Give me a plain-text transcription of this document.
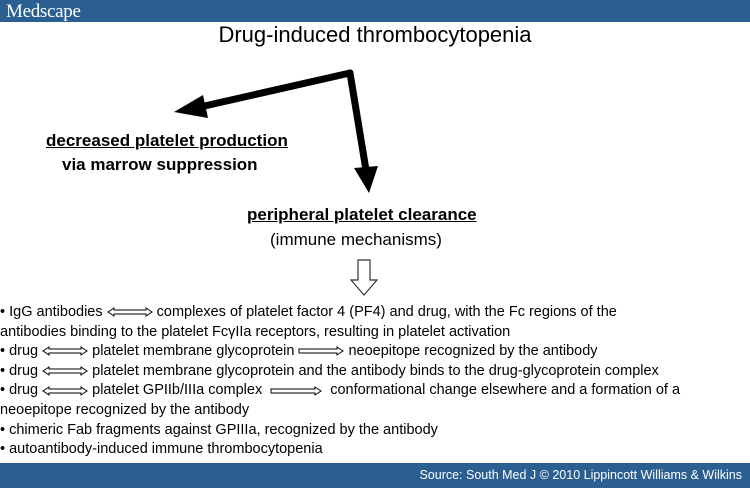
Medscape
Drug-induced thrombocytopenia
decreased platelet production
via marrow suppression
peripheral platelet clearance
(immune mechanisms)
• IgG antibodies	complexes of platelet factor 4 (PF4) and drug, with the Fc regions of the
antibodies binding to the platelet FcγIIa receptors, resulting in platelet activation
• drug	platelet membrane glycoprotein	neoepitope recognized by the antibody
• drug	platelet membrane glycoprotein and the antibody binds to the drug-glycoprotein complex
• drug	platelet GPIIb/IIIa complex	conformational change elsewhere and a formation of a
neoepitope recognized by the antibody
• chimeric Fab fragments against GPIIIa, recognized by the antibody
• autoantibody-induced immune thrombocytopenia
Source: South Med J © 2010 Lippincott Williams & Wilkins
